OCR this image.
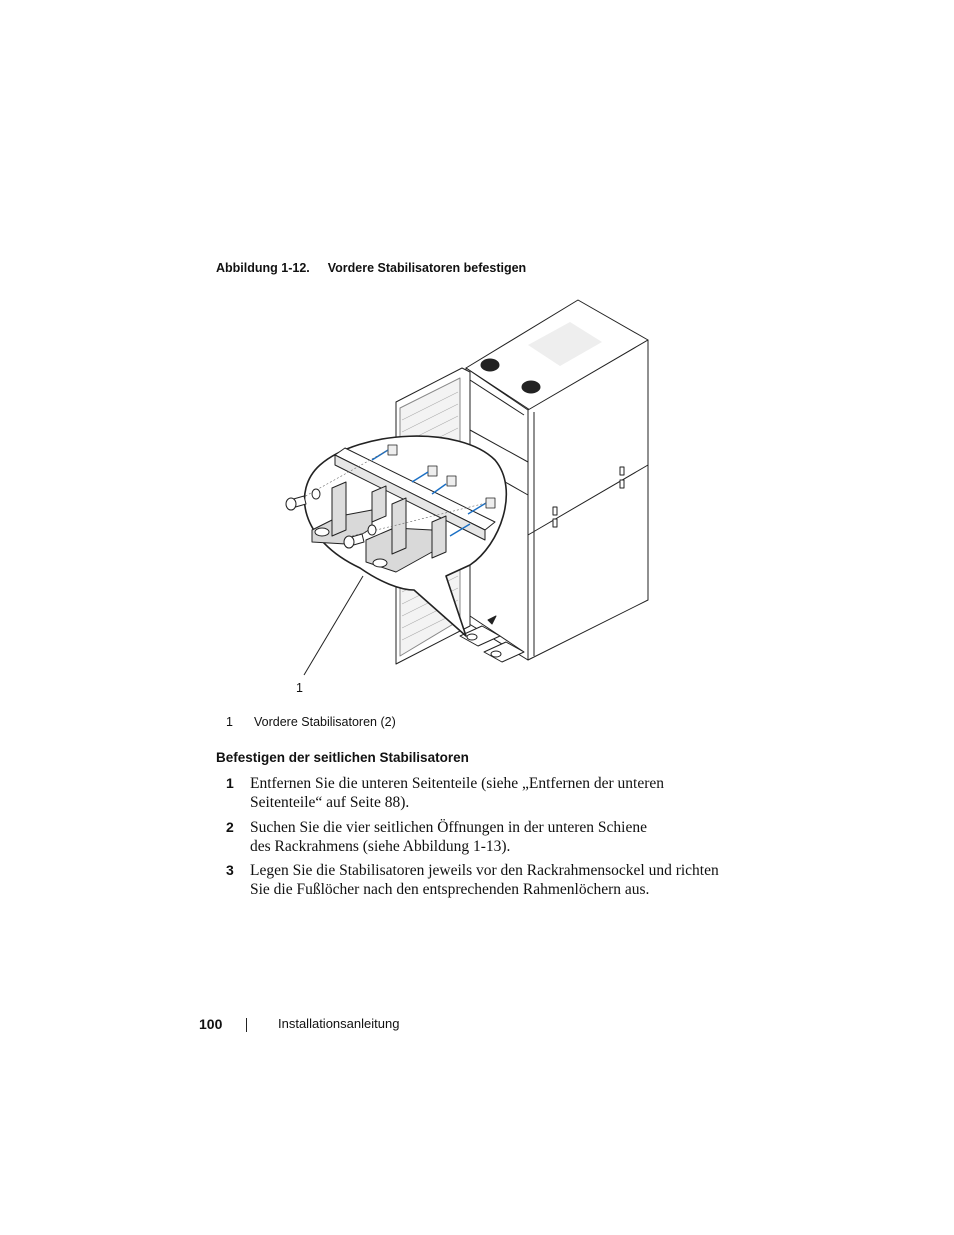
Abbildung 1-12. Vordere Stabilisatoren befestigen
1
1 Vordere Stabilisatoren (2)
Befestigen der seitlichen Stabilisatoren
1 Entfernen Sie die unteren Seitenteile (siehe „Entfernen der unteren
Seitenteile“ auf Seite 88).
2 Suchen Sie die vier seitlichen Öffnungen in der unteren Schiene
des Rackrahmens (siehe Abbildung 1-13).
3 Legen Sie die Stabilisatoren jeweils vor den Rackrahmensockel und richten
Sie die Fußlöcher nach den entsprechenden Rahmenlöchern aus.
100	Installationsanleitung
